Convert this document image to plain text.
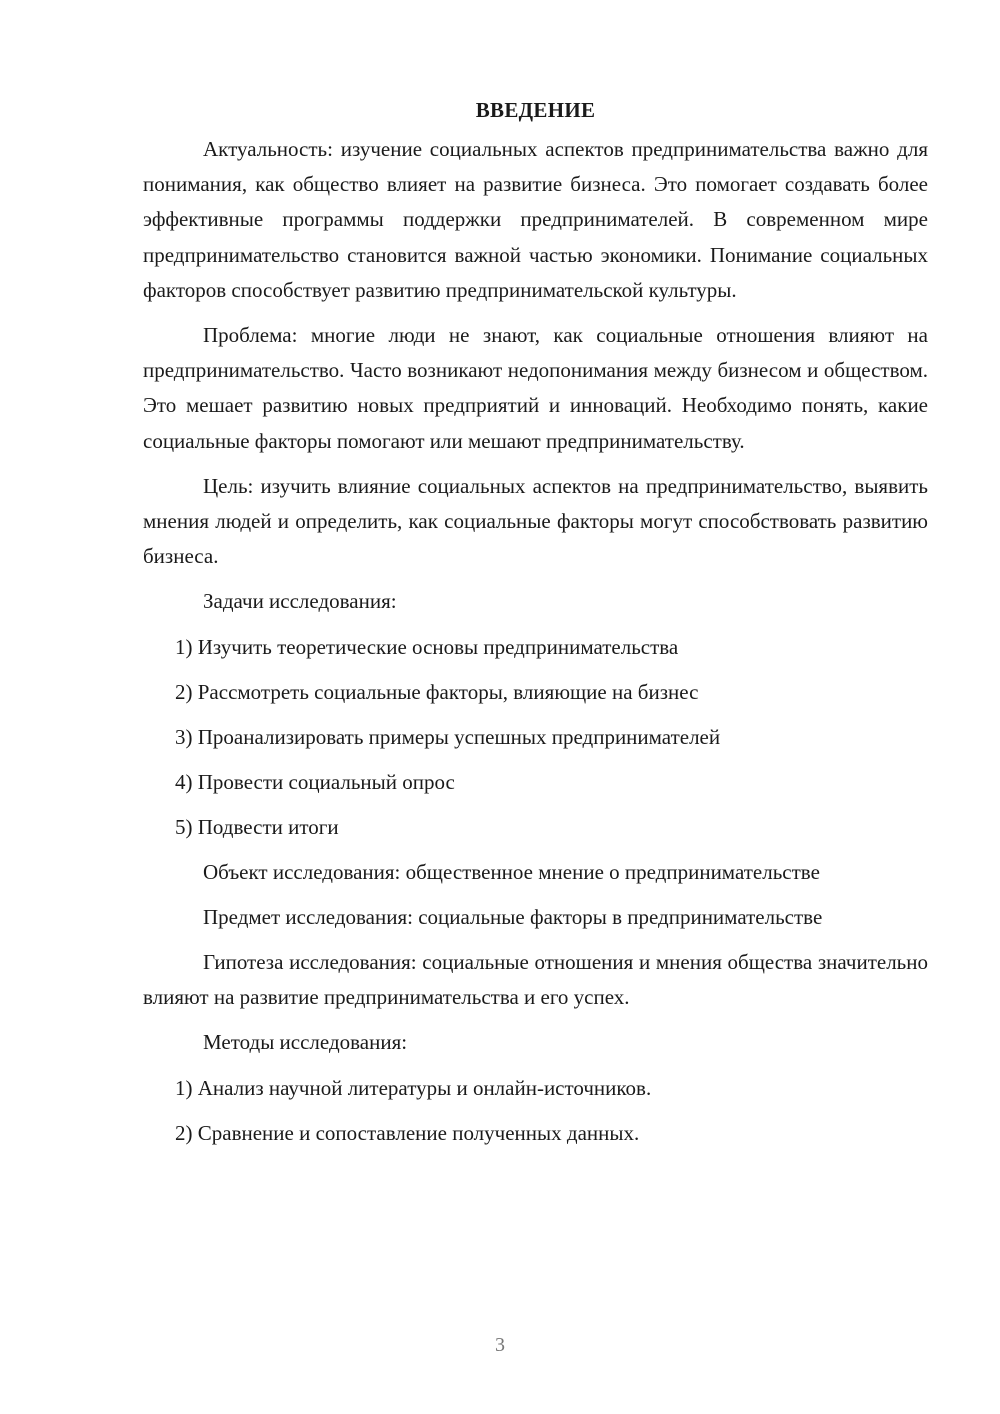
ВВЕДЕНИЕ

Актуальность: изучение социальных аспектов предпринимательства важно для понимания, как общество влияет на развитие бизнеса. Это помогает создавать более эффективные программы поддержки предпринимателей. В современном мире предпринимательство становится важной частью экономики. Понимание социальных факторов способствует развитию предпринимательской культуры.

Проблема: многие люди не знают, как социальные отношения влияют на предпринимательство. Часто возникают недопонимания между бизнесом и обществом. Это мешает развитию новых предприятий и инноваций. Необходимо понять, какие социальные факторы помогают или мешают предпринимательству.

Цель: изучить влияние социальных аспектов на предпринимательство, выявить мнения людей и определить, как социальные факторы могут способствовать развитию бизнеса.

Задачи исследования:

1) Изучить теоретические основы предпринимательства
2) Рассмотреть социальные факторы, влияющие на бизнес
3) Проанализировать примеры успешных предпринимателей
4) Провести социальный опрос
5) Подвести итоги

Объект исследования: общественное мнение о предпринимательстве

Предмет исследования: социальные факторы в предпринимательстве

Гипотеза исследования: социальные отношения и мнения общества значительно влияют на развитие предпринимательства и его успех.

Методы исследования:

1) Анализ научной литературы и онлайн-источников.
2) Сравнение и сопоставление полученных данных.
3
